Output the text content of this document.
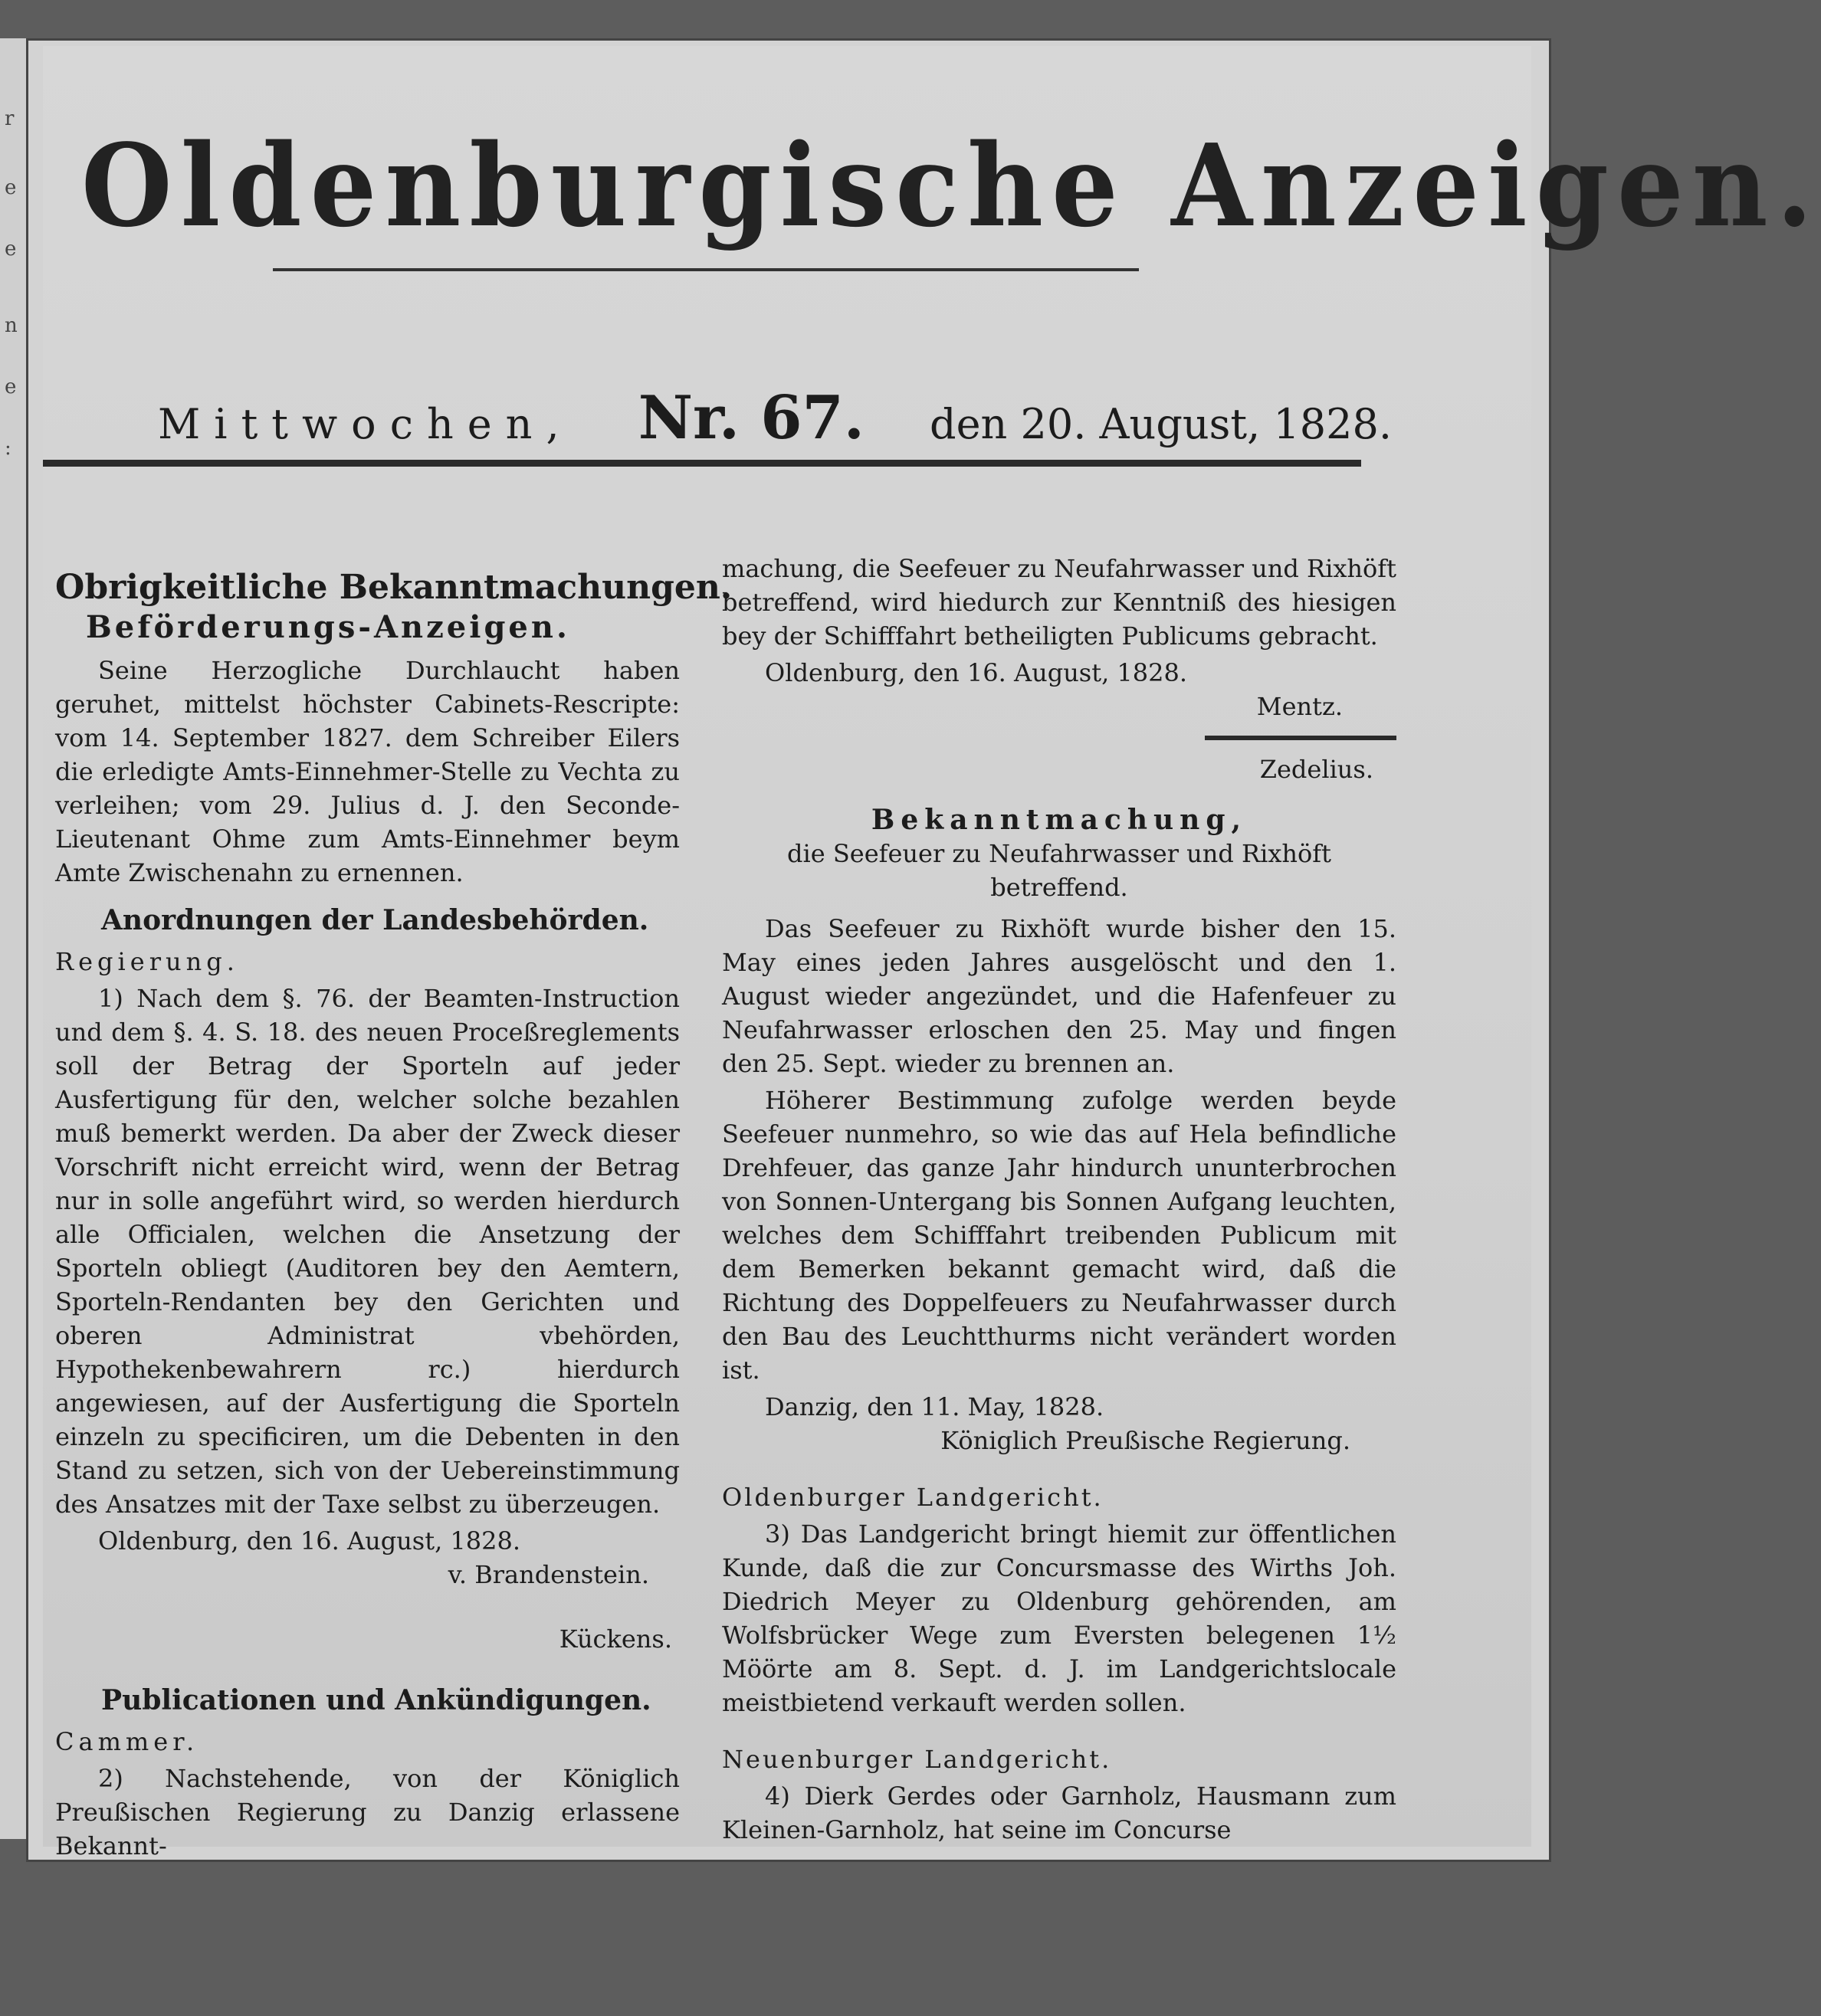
r
e
e
n
e
:
Oldenburgische Anzeigen.
Mittwochen, Nr. 67. den 20. August, 1828.
Obrigkeitliche Bekanntmachungen.
Beförderungs-Anzeigen.

Seine Herzogliche Durchlaucht haben geruhet, mittelst höchster Cabinets-Rescripte: vom 14. September 1827. dem Schreiber Eilers die erledigte Amts-Einnehmer-Stelle zu Vechta zu verleihen; vom 29. Julius d. J. den Seconde-Lieutenant Ohme zum Amts-Einnehmer beym Amte Zwischenahn zu ernennen.

Anordnungen der Landesbehörden.
Regierung.

1) Nach dem §. 76. der Beamten-Instruction und dem §. 4. S. 18. des neuen Proceßreglements soll der Betrag der Sporteln auf jeder Ausfertigung für den, welcher solche bezahlen muß bemerkt werden. Da aber der Zweck dieser Vorschrift nicht erreicht wird, wenn der Betrag nur in solle angeführt wird, so werden hierdurch alle Officialen, welchen die Ansetzung der Sporteln obliegt (Auditoren bey den Aemtern, Sporteln-Rendanten bey den Gerichten und oberen Administrat vbehörden, Hypothekenbewahrern rc.) hierdurch angewiesen, auf der Ausfertigung die Sporteln einzeln zu specificiren, um die Debenten in den Stand zu setzen, sich von der Uebereinstimmung des Ansatzes mit der Taxe selbst zu überzeugen.

Oldenburg, den 16. August, 1828.

v. Brandenstein.

Kückens.

Publicationen und Ankündigungen.
Cammer.

2) Nachstehende, von der Königlich Preußischen Regierung zu Danzig erlassene Bekannt-

machung, die Seefeuer zu Neufahrwasser und Rixhöft betreffend, wird hiedurch zur Kenntniß des hiesigen bey der Schifffahrt betheiligten Publicums gebracht.

Oldenburg, den 16. August, 1828.

Mentz.

Zedelius.

Bekanntmachung,

die Seefeuer zu Neufahrwasser und Rixhöft betreffend.

Das Seefeuer zu Rixhöft wurde bisher den 15. May eines jeden Jahres ausgelöscht und den 1. August wieder angezündet, und die Hafenfeuer zu Neufahrwasser erloschen den 25. May und fingen den 25. Sept. wieder zu brennen an.

Höherer Bestimmung zufolge werden beyde Seefeuer nunmehro, so wie das auf Hela befindliche Drehfeuer, das ganze Jahr hindurch ununterbrochen von Sonnen-Untergang bis Sonnen Aufgang leuchten, welches dem Schifffahrt treibenden Publicum mit dem Bemerken bekannt gemacht wird, daß die Richtung des Doppelfeuers zu Neufahrwasser durch den Bau des Leuchtthurms nicht verändert worden ist.

Danzig, den 11. May, 1828.

Königlich Preußische Regierung.

Oldenburger Landgericht.

3) Das Landgericht bringt hiemit zur öffentlichen Kunde, daß die zur Concursmasse des Wirths Joh. Diedrich Meyer zu Oldenburg gehörenden, am Wolfsbrücker Wege zum Eversten belegenen 1½ Möörte am 8. Sept. d. J. im Landgerichtslocale meistbietend verkauft werden sollen.

Neuenburger Landgericht.

4) Dierk Gerdes oder Garnholz, Hausmann zum Kleinen-Garnholz, hat seine im Concurse
